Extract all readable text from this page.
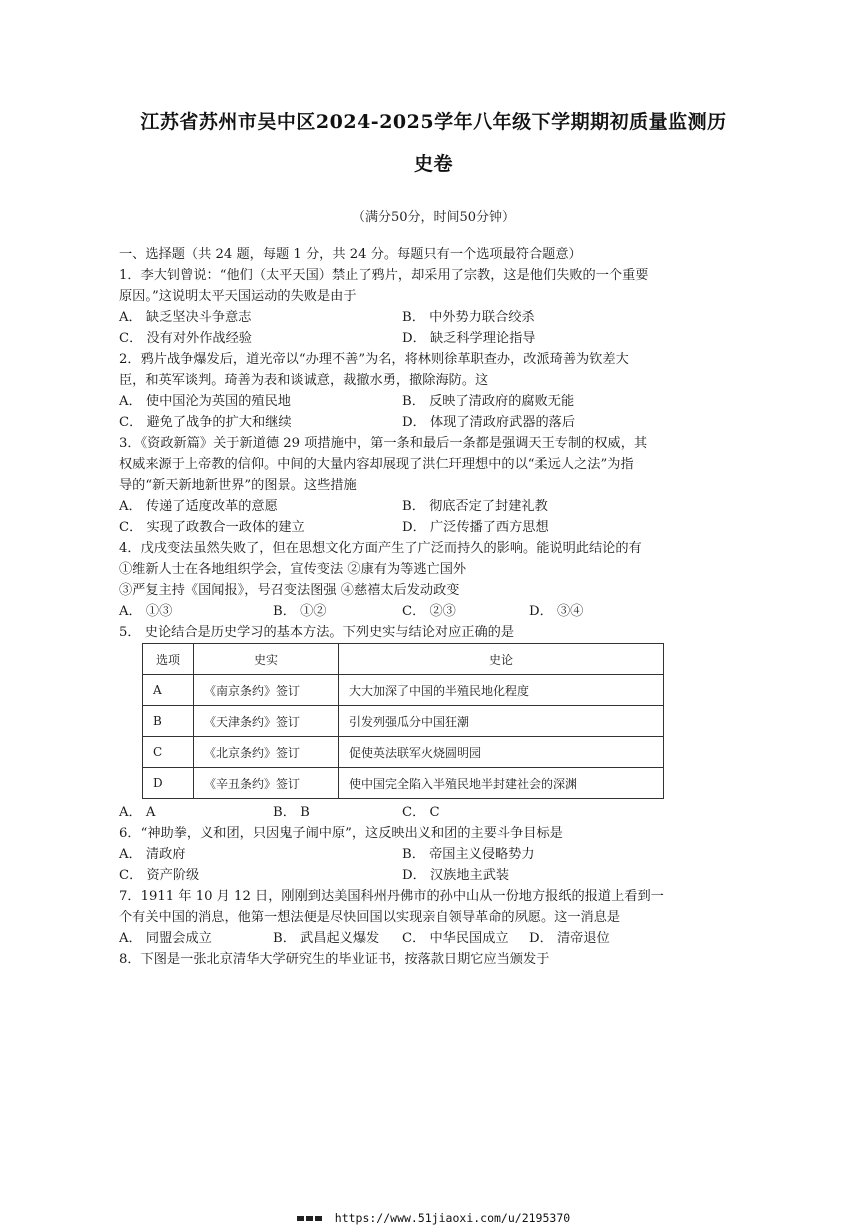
江苏省苏州市吴中区2024-2025学年八年级下学期期初质量监测历
史卷
（满分50分，时间50分钟）
一、选择题（共 24 题，每题 1 分，共 24 分。每题只有一个选项最符合题意）
1．李大钊曾说：“他们（太平天国）禁止了鸦片，却采用了宗教，这是他们失败的一个重要
原因。”这说明太平天国运动的失败是由于
A． 缺乏坚决斗争意志	B． 中外势力联合绞杀
C． 没有对外作战经验	D． 缺乏科学理论指导
2．鸦片战争爆发后，道光帝以“办理不善”为名，将林则徐革职查办，改派琦善为钦差大
臣，和英军谈判。琦善为表和谈诚意，裁撤水勇，撤除海防。这
A． 使中国沦为英国的殖民地	B． 反映了清政府的腐败无能
C． 避免了战争的扩大和继续	D． 体现了清政府武器的落后
3．《资政新篇》关于新道德 29 项措施中，第一条和最后一条都是强调天王专制的权威，其
权威来源于上帝教的信仰。中间的大量内容却展现了洪仁玕理想中的以“柔远人之法”为指
导的“新天新地新世界”的图景。这些措施
A． 传递了适度改革的意愿	B． 彻底否定了封建礼教
C． 实现了政教合一政体的建立	D． 广泛传播了西方思想
4．戊戌变法虽然失败了，但在思想文化方面产生了广泛而持久的影响。能说明此结论的有
①维新人士在各地组织学会，宣传变法 ②康有为等逃亡国外
③严复主持《国闻报》，号召变法图强 ④慈禧太后发动政变
A． ①③	B． ①②	C． ②③	D． ③④
5． 史论结合是历史学习的基本方法。下列史实与结论对应正确的是
选项	史实	史论
A	《南京条约》签订	大大加深了中国的半殖民地化程度
B	《天津条约》签订	引发列强瓜分中国狂潮
C	《北京条约》签订	促使英法联军火烧圆明园
D	《辛丑条约》签订	使中国完全陷入半殖民地半封建社会的深渊
A． A	B． B	C． C
6．“神助拳，义和团，只因鬼子闹中原”，这反映出义和团的主要斗争目标是
A． 清政府	B． 帝国主义侵略势力
C． 资产阶级	D． 汉族地主武装
7．1911 年 10 月 12 日，刚刚到达美国科州丹佛市的孙中山从一份地方报纸的报道上看到一
个有关中国的消息，他第一想法便是尽快回国以实现亲自领导革命的夙愿。这一消息是
A． 同盟会成立	B． 武昌起义爆发 C． 中华民国成立 D． 清帝退位
8．下图是一张北京清华大学研究生的毕业证书，按落款日期它应当颁发于
https://www.51jiaoxi.com/u/2195370
